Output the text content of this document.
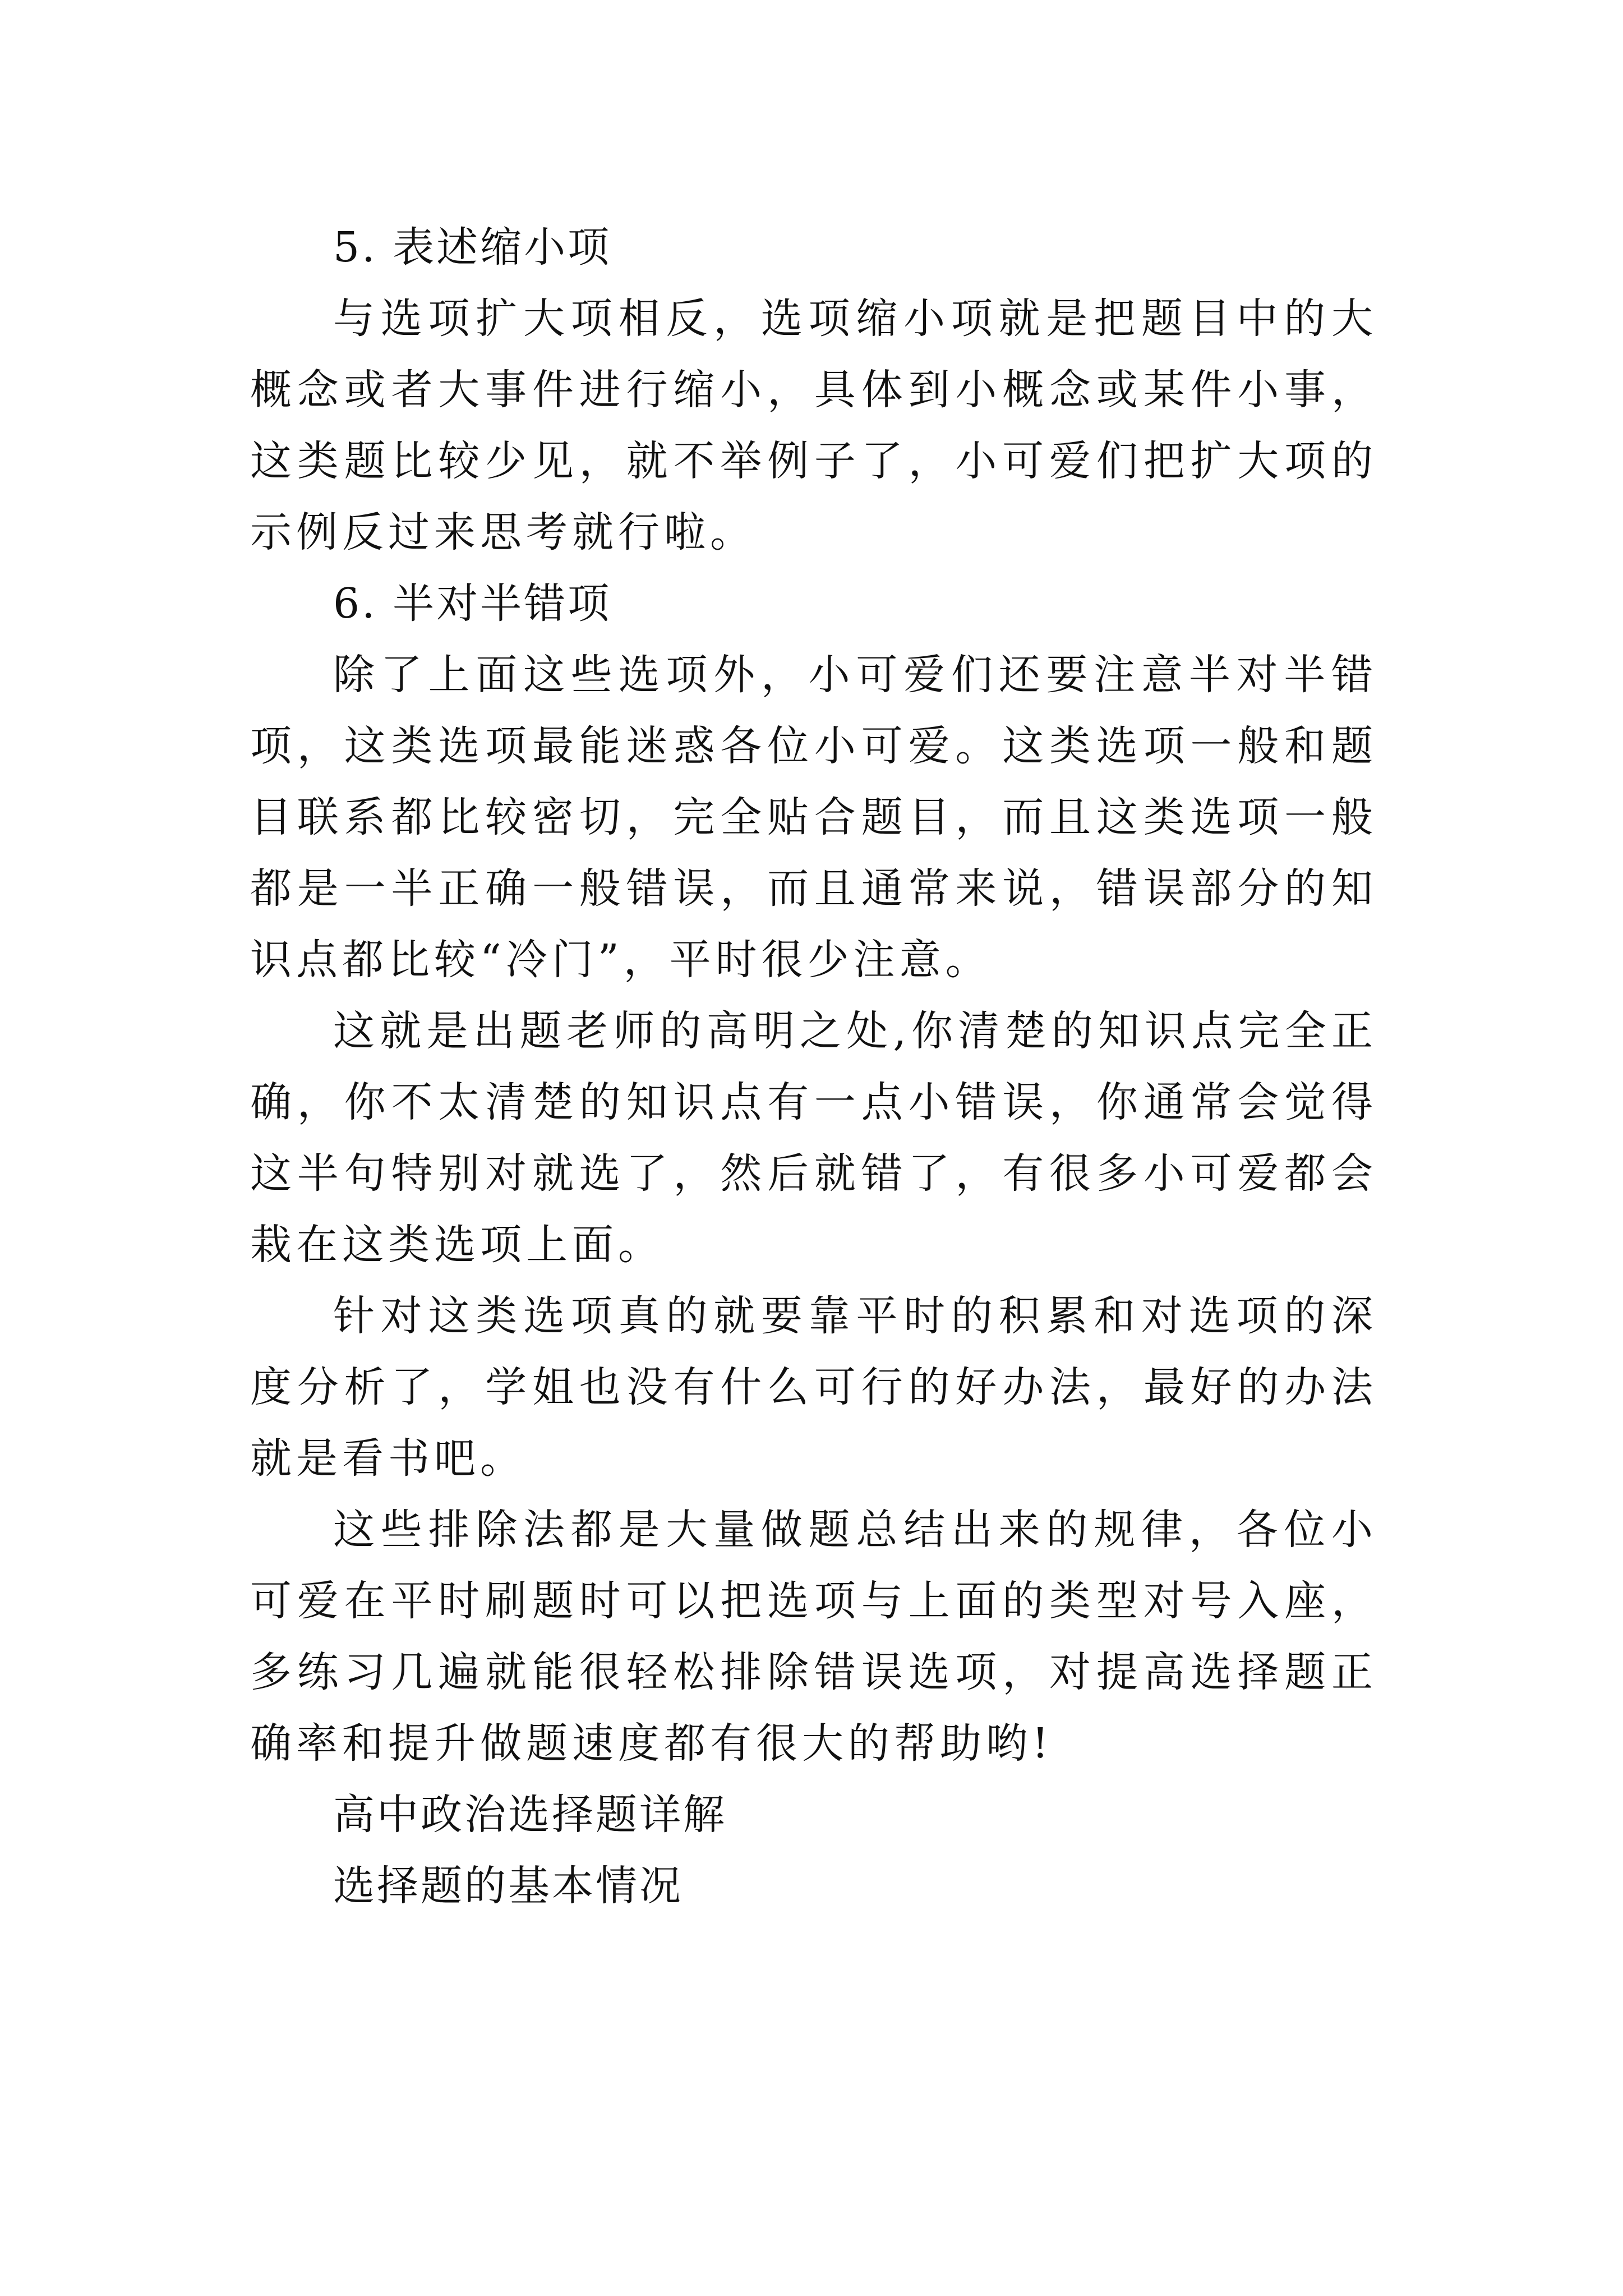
5. 表述缩小项

与选项扩大项相反，选项缩小项就是把题目中的大概念或者大事件进行缩小，具体到小概念或某件小事，这类题比较少见，就不举例子了，小可爱们把扩大项的示例反过来思考就行啦。

6. 半对半错项

除了上面这些选项外，小可爱们还要注意半对半错项，这类选项最能迷惑各位小可爱。这类选项一般和题目联系都比较密切，完全贴合题目，而且这类选项一般都是一半正确一般错误，而且通常来说，错误部分的知识点都比较“冷门”，平时很少注意。

这就是出题老师的高明之处,你清楚的知识点完全正确，你不太清楚的知识点有一点小错误，你通常会觉得这半句特别对就选了，然后就错了，有很多小可爱都会栽在这类选项上面。

针对这类选项真的就要靠平时的积累和对选项的深度分析了，学姐也没有什么可行的好办法，最好的办法就是看书吧。

这些排除法都是大量做题总结出来的规律，各位小可爱在平时刷题时可以把选项与上面的类型对号入座，多练习几遍就能很轻松排除错误选项，对提高选择题正确率和提升做题速度都有很大的帮助哟!

高中政治选择题详解

选择题的基本情况
